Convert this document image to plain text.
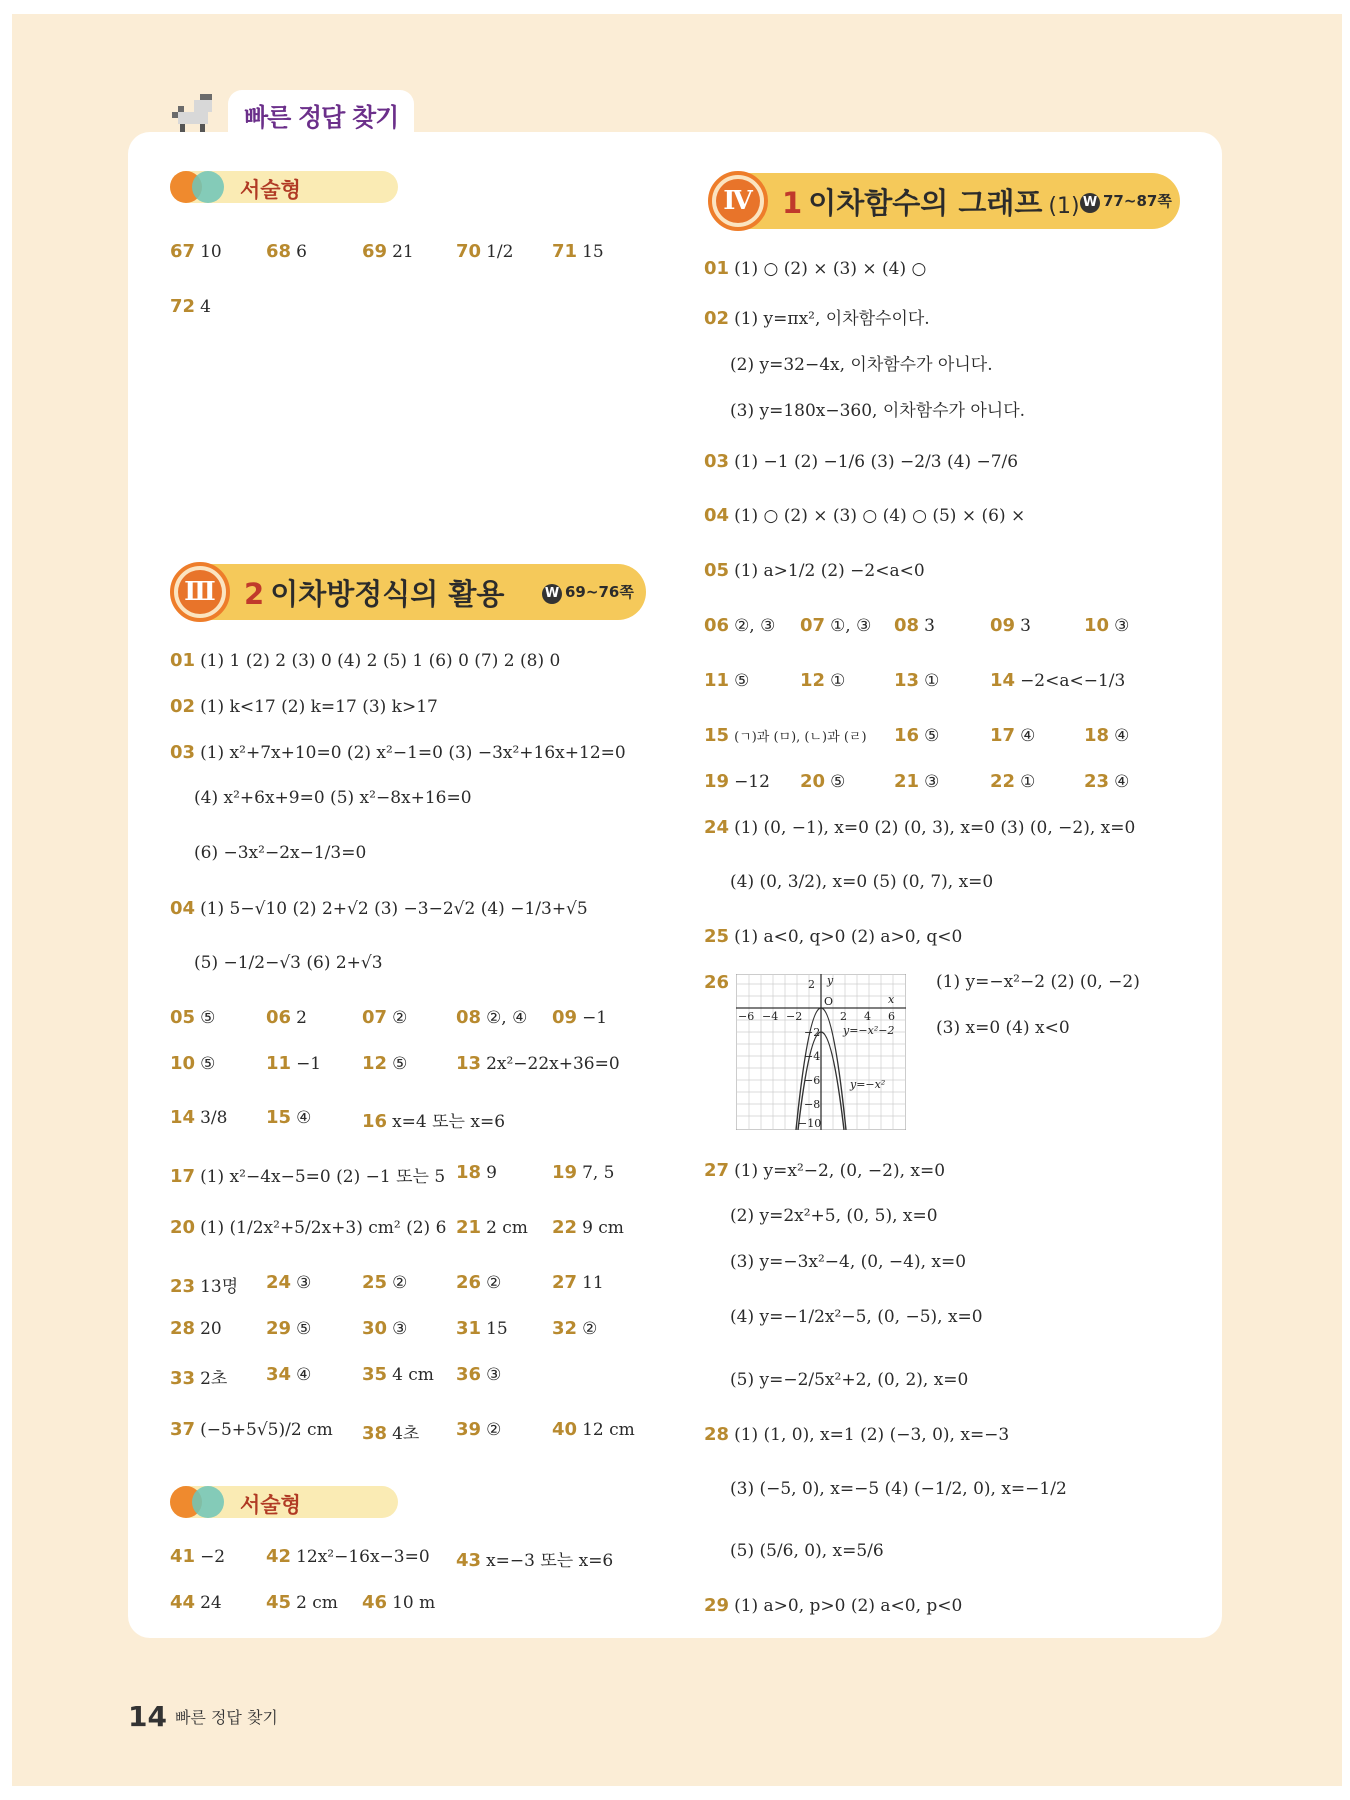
빠른 정답 찾기
서술형
서술형
Ⅲ 2 이차방정식의 활용	W 69~76쪽
Ⅳ 1 이차함수의 그래프 (1) W 77~87쪽
67 10 68 6	69 21 70 1/2 71 15
72 4
01 (1) 1 (2) 2 (3) 0 (4) 2 (5) 1 (6) 0 (7) 2 (8) 0
02 (1) k<17 (2) k=17 (3) k>17
03 (1) x²+7x+10=0 (2) x²−1=0 (3) −3x²+16x+12=0
(4) x²+6x+9=0 (5) x²−8x+16=0
(6) −3x²−2x−1/3=0
04 (1) 5−√10 (2) 2+√2 (3) −3−2√2 (4) −1/3+√5
(5) −1/2−√3 (6) 2+√3
05 ⑤	06 2	07 ②	08 ②, ④ 09 −1
10 ⑤	11 −1 12 ⑤	13 2x²−22x+36=0
14 3/8 15 ④	16 x=4 또는 x=6
17 (1) x²−4x−5=0 (2) −1 또는 5 18 9	19 7, 5
20 (1) (1/2x²+5/2x+3) cm² (2) 6 21 2 cm 22 9 cm
23 13명 24 ③	25 ②	26 ②	27 11
28 20 29 ⑤	30 ③	31 15 32 ②
33 2초 34 ④	35 4 cm 36 ③
37 (−5+5√5)/2 cm 38 4초 39 ②	40 12 cm
41 −2 42 12x²−16x−3=0 43 x=−3 또는 x=6
44 24 45 2 cm 46 10 m
01 (1) ○ (2) × (3) × (4) ○
02 (1) y=πx², 이차함수이다.
(2) y=32−4x, 이차함수가 아니다.
(3) y=180x−360, 이차함수가 아니다.
03 (1) −1 (2) −1/6 (3) −2/3 (4) −7/6
04 (1) ○ (2) × (3) ○ (4) ○ (5) × (6) ×
05 (1) a>1/2 (2) −2<a<0
06 ②, ③ 07 ①, ③ 08 3	09 3	10 ③
11 ⑤	12 ①	13 ①	14 −2<a<−1/3
15 (ㄱ)과 (ㅁ), (ㄴ)과 (ㄹ) 16 ⑤	17 ④	18 ④
19 −12 20 ⑤	21 ③	22 ①	23 ④
24 (1) (0, −1), x=0 (2) (0, 3), x=0 (3) (0, −2), x=0
(4) (0, 3/2), x=0 (5) (0, 7), x=0
25 (1) a<0, q>0 (2) a>0, q<0
26	(1) y=−x²−2 (2) (0, −2)
(3) x=0 (4) x<0
y
x
O
−6 −4 −2	2 4 6
2
−2
−4
−6
−8
−10
y=−x²−2
y=−x²
27 (1) y=x²−2, (0, −2), x=0
(2) y=2x²+5, (0, 5), x=0
(3) y=−3x²−4, (0, −4), x=0
(4) y=−1/2x²−5, (0, −5), x=0
(5) y=−2/5x²+2, (0, 2), x=0
28 (1) (1, 0), x=1 (2) (−3, 0), x=−3
(3) (−5, 0), x=−5 (4) (−1/2, 0), x=−1/2
(5) (5/6, 0), x=5/6
29 (1) a>0, p>0 (2) a<0, p<0
14 빠른 정답 찾기
